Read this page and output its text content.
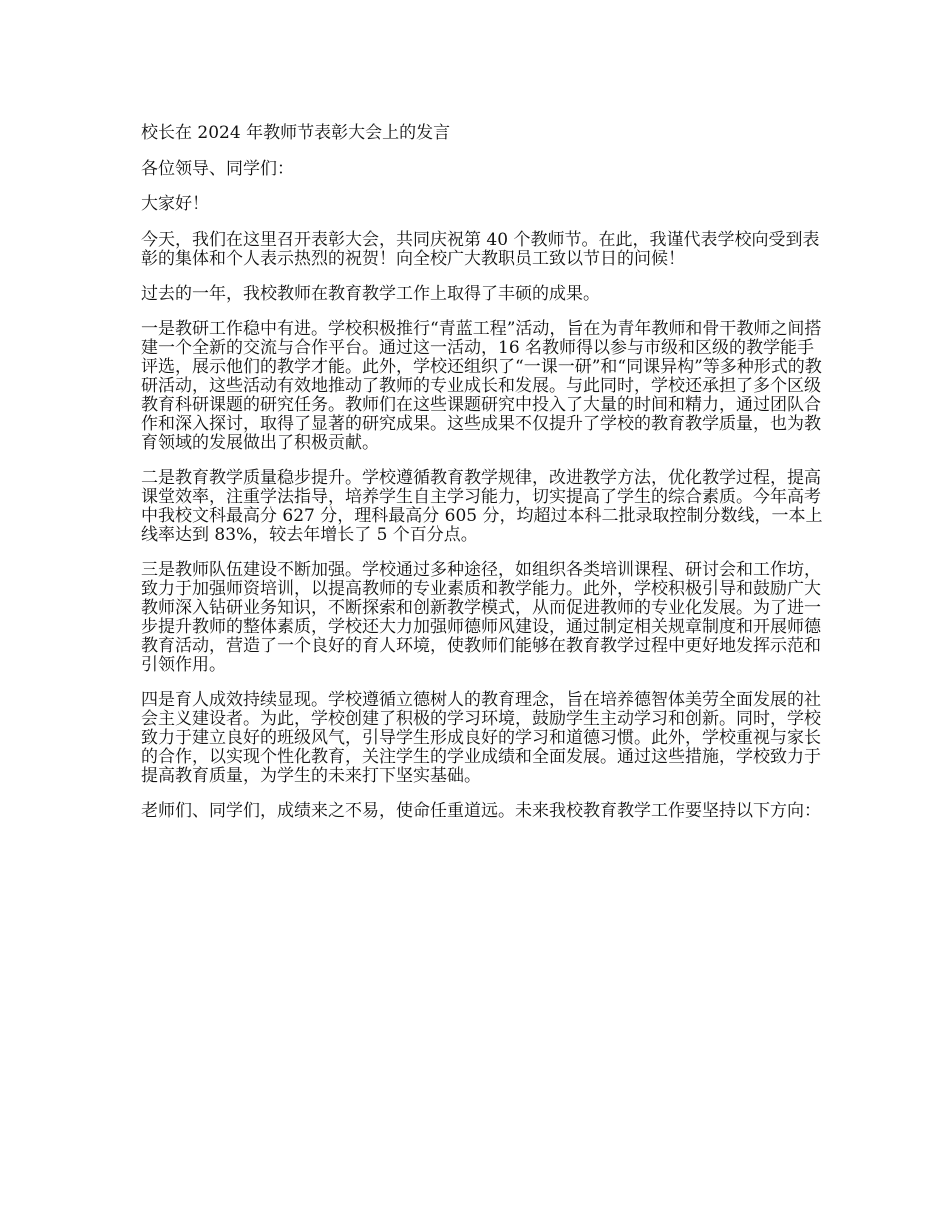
校长在 2024 年教师节表彰大会上的发言

各位领导、同学们：

大家好！

今天，我们在这里召开表彰大会，共同庆祝第 40 个教师节。在此，我谨代表学校向受到表彰的集体和个人表示热烈的祝贺！向全校广大教职员工致以节日的问候！

过去的一年，我校教师在教育教学工作上取得了丰硕的成果。

一是教研工作稳中有进。学校积极推行“青蓝工程”活动，旨在为青年教师和骨干教师之间搭建一个全新的交流与合作平台。通过这一活动，16 名教师得以参与市级和区级的教学能手评选，展示他们的教学才能。此外，学校还组织了“一课一研”和“同课异构”等多种形式的教研活动，这些活动有效地推动了教师的专业成长和发展。与此同时，学校还承担了多个区级教育科研课题的研究任务。教师们在这些课题研究中投入了大量的时间和精力，通过团队合作和深入探讨，取得了显著的研究成果。这些成果不仅提升了学校的教育教学质量，也为教育领域的发展做出了积极贡献。

二是教育教学质量稳步提升。学校遵循教育教学规律，改进教学方法，优化教学过程，提高课堂效率，注重学法指导，培养学生自主学习能力，切实提高了学生的综合素质。今年高考中我校文科最高分 627 分，理科最高分 605 分，均超过本科二批录取控制分数线，一本上线率达到 83%，较去年增长了 5 个百分点。

三是教师队伍建设不断加强。学校通过多种途径，如组织各类培训课程、研讨会和工作坊，致力于加强师资培训，以提高教师的专业素质和教学能力。此外，学校积极引导和鼓励广大教师深入钻研业务知识，不断探索和创新教学模式，从而促进教师的专业化发展。为了进一步提升教师的整体素质，学校还大力加强师德师风建设，通过制定相关规章制度和开展师德教育活动，营造了一个良好的育人环境，使教师们能够在教育教学过程中更好地发挥示范和引领作用。

四是育人成效持续显现。学校遵循立德树人的教育理念，旨在培养德智体美劳全面发展的社会主义建设者。为此，学校创建了积极的学习环境，鼓励学生主动学习和创新。同时，学校致力于建立良好的班级风气，引导学生形成良好的学习和道德习惯。此外，学校重视与家长的合作，以实现个性化教育，关注学生的学业成绩和全面发展。通过这些措施，学校致力于提高教育质量，为学生的未来打下坚实基础。

老师们、同学们，成绩来之不易，使命任重道远。未来我校教育教学工作要坚持以下方向：
